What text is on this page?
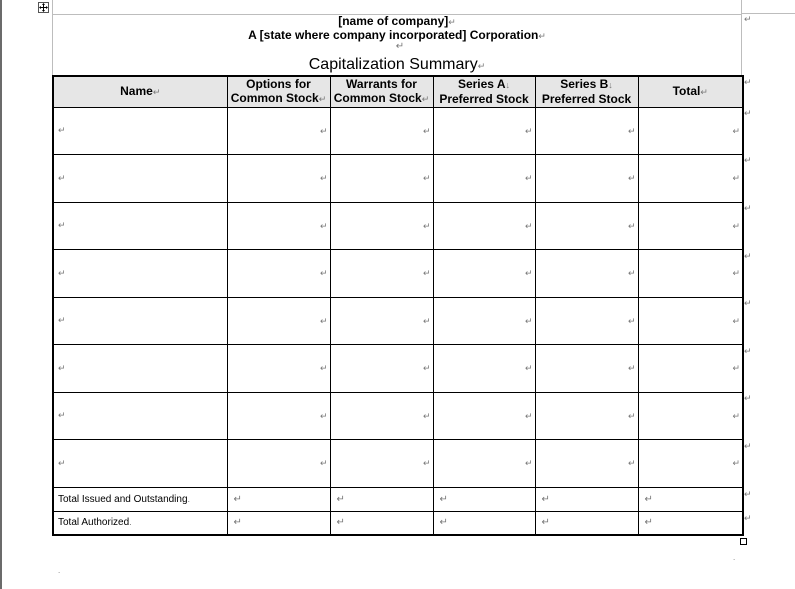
[name of company]↵
A [state where company incorporated] Corporation↵
↵
Capitalization Summary↵
Name↵	Options for
Common Stock↵	Warrants for
Common Stock↵	Series A↓
Preferred Stock	Series B↓
Preferred Stock	Total↵
↵	↵	↵	↵	↵	↵

↵	↵	↵	↵	↵	↵

↵	↵	↵	↵	↵	↵

↵	↵	↵	↵	↵	↵

↵	↵	↵	↵	↵	↵

↵	↵	↵	↵	↵	↵

↵	↵	↵	↵	↵	↵

↵	↵	↵	↵	↵	↵

Total Issued and Outstanding.	↵	↵	↵	↵	↵
Total Authorized.	↵	↵	↵	↵	↵
↵
↵
↵
↵
↵
↵
↵
↵
↵
↵
↵
↵
.
.
